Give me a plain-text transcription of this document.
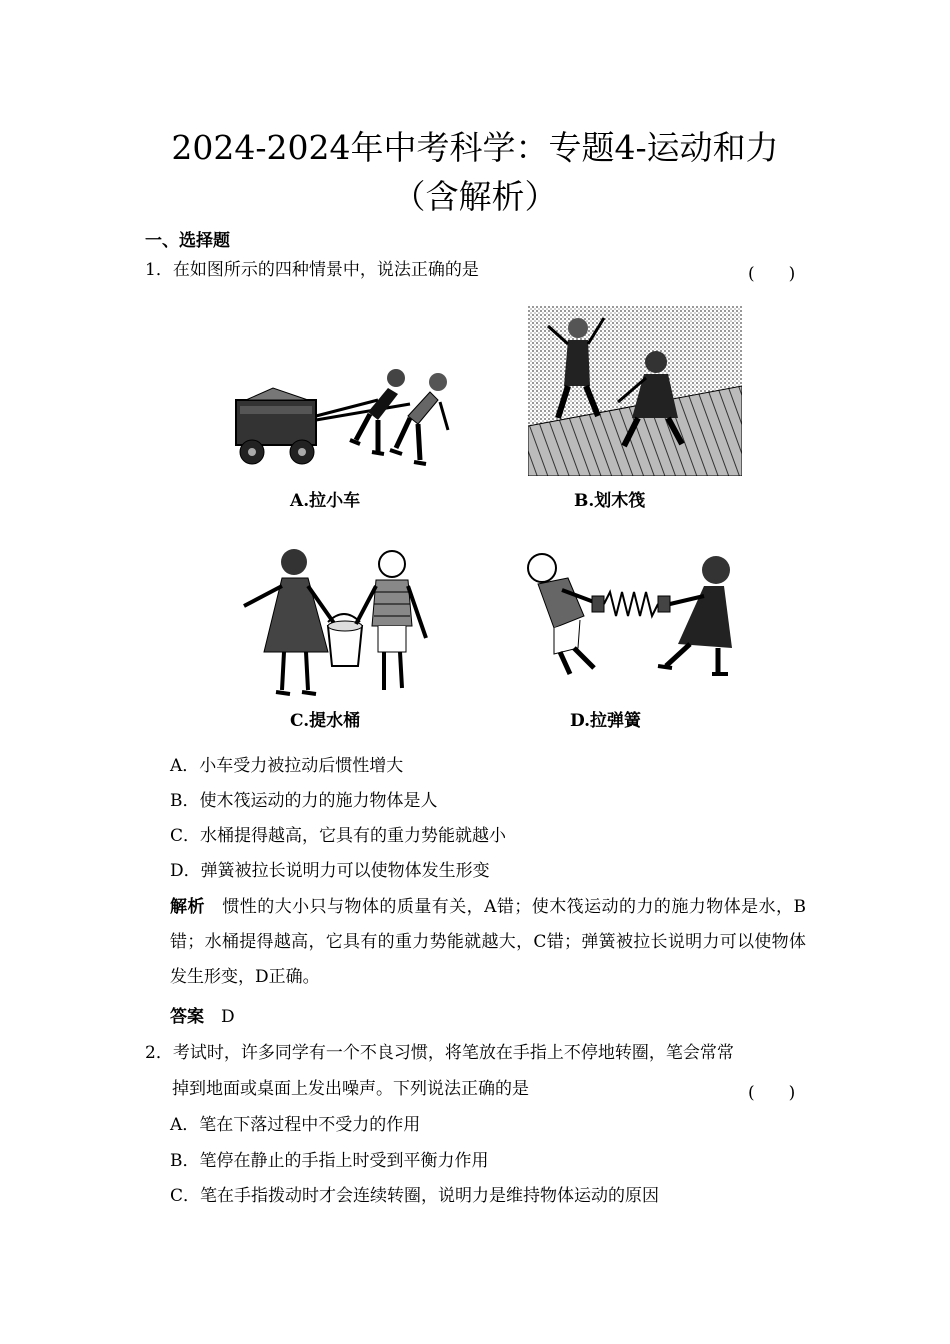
2024-2024年中考科学：专题4-运动和力
（含解析）
一、选择题
1．在如图所示的四种情景中，说法正确的是	(　　)
A.拉小车	B.划木筏
C.提水桶	D.拉弹簧
A．小车受力被拉动后惯性增大
B．使木筏运动的力的施力物体是人
C．水桶提得越高，它具有的重力势能就越小
D．弹簧被拉长说明力可以使物体发生形变
解析　 惯性的大小只与物体的质量有关，A错；使木筏运动的力的施力物体是水，B错；水桶提得越高，它具有的重力势能就越大，C错；弹簧被拉长说明力可以使物体发生形变，D正确。
答案　 D
2．考试时，许多同学有一个不良习惯，将笔放在手指上不停地转圈，笔会常常
掉到地面或桌面上发出噪声。下列说法正确的是	(　　)
A．笔在下落过程中不受力的作用
B．笔停在静止的手指上时受到平衡力作用
C．笔在手指拨动时才会连续转圈，说明力是维持物体运动的原因
